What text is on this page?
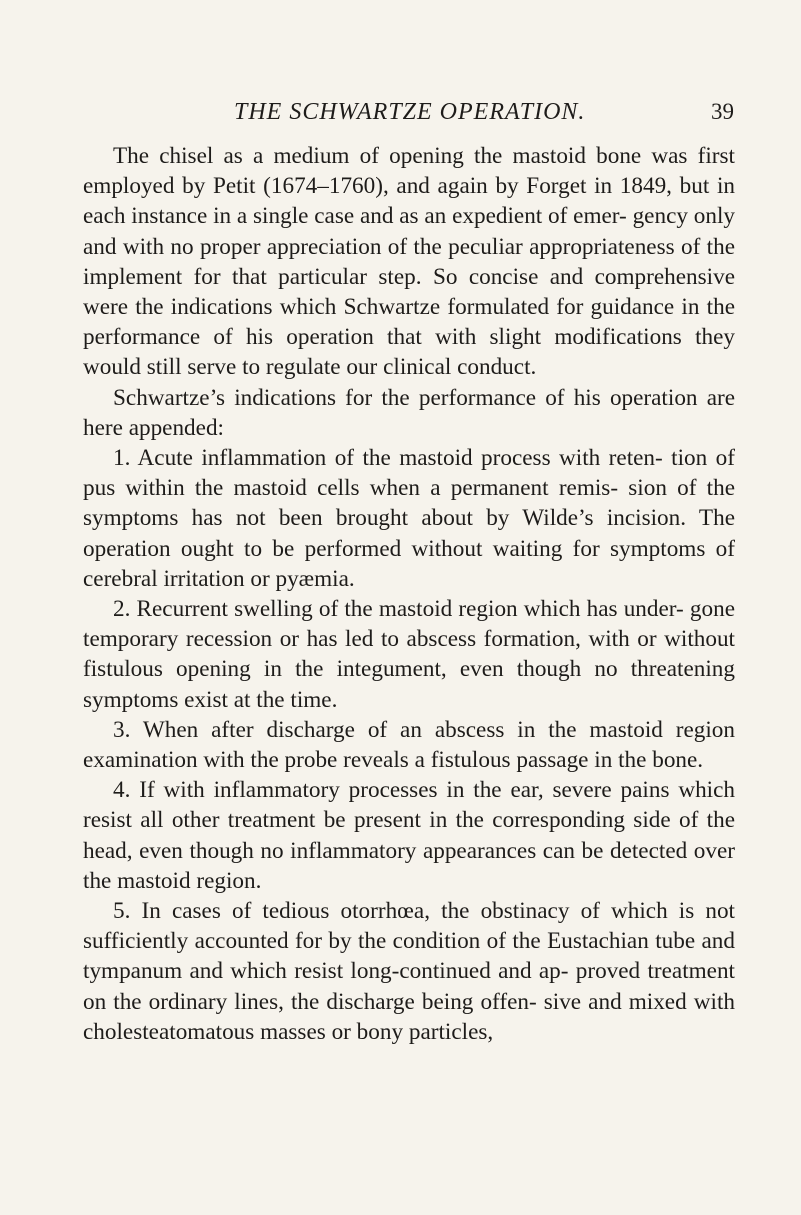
THE SCHWARTZE OPERATION.	39

The chisel as a medium of opening the mastoid bone was first employed by Petit (1674–1760), and again by Forget in 1849, but in each instance in a single case and as an expedient of emer- gency only and with no proper appreciation of the peculiar appropriateness of the implement for that particular step. So concise and comprehensive were the indications which Schwartze formulated for guidance in the performance of his operation that with slight modifications they would still serve to regulate our clinical conduct.

Schwartze’s indications for the performance of his operation are here appended:

1. Acute inflammation of the mastoid process with reten- tion of pus within the mastoid cells when a permanent remis- sion of the symptoms has not been brought about by Wilde’s incision. The operation ought to be performed without waiting for symptoms of cerebral irritation or pyæmia.

2. Recurrent swelling of the mastoid region which has under- gone temporary recession or has led to abscess formation, with or without fistulous opening in the integument, even though no threatening symptoms exist at the time.

3. When after discharge of an abscess in the mastoid region examination with the probe reveals a fistulous passage in the bone.

4. If with inflammatory processes in the ear, severe pains which resist all other treatment be present in the corresponding side of the head, even though no inflammatory appearances can be detected over the mastoid region.

5. In cases of tedious otorrhœa, the obstinacy of which is not sufficiently accounted for by the condition of the Eustachian tube and tympanum and which resist long-continued and ap- proved treatment on the ordinary lines, the discharge being offen- sive and mixed with cholesteatomatous masses or bony particles,
